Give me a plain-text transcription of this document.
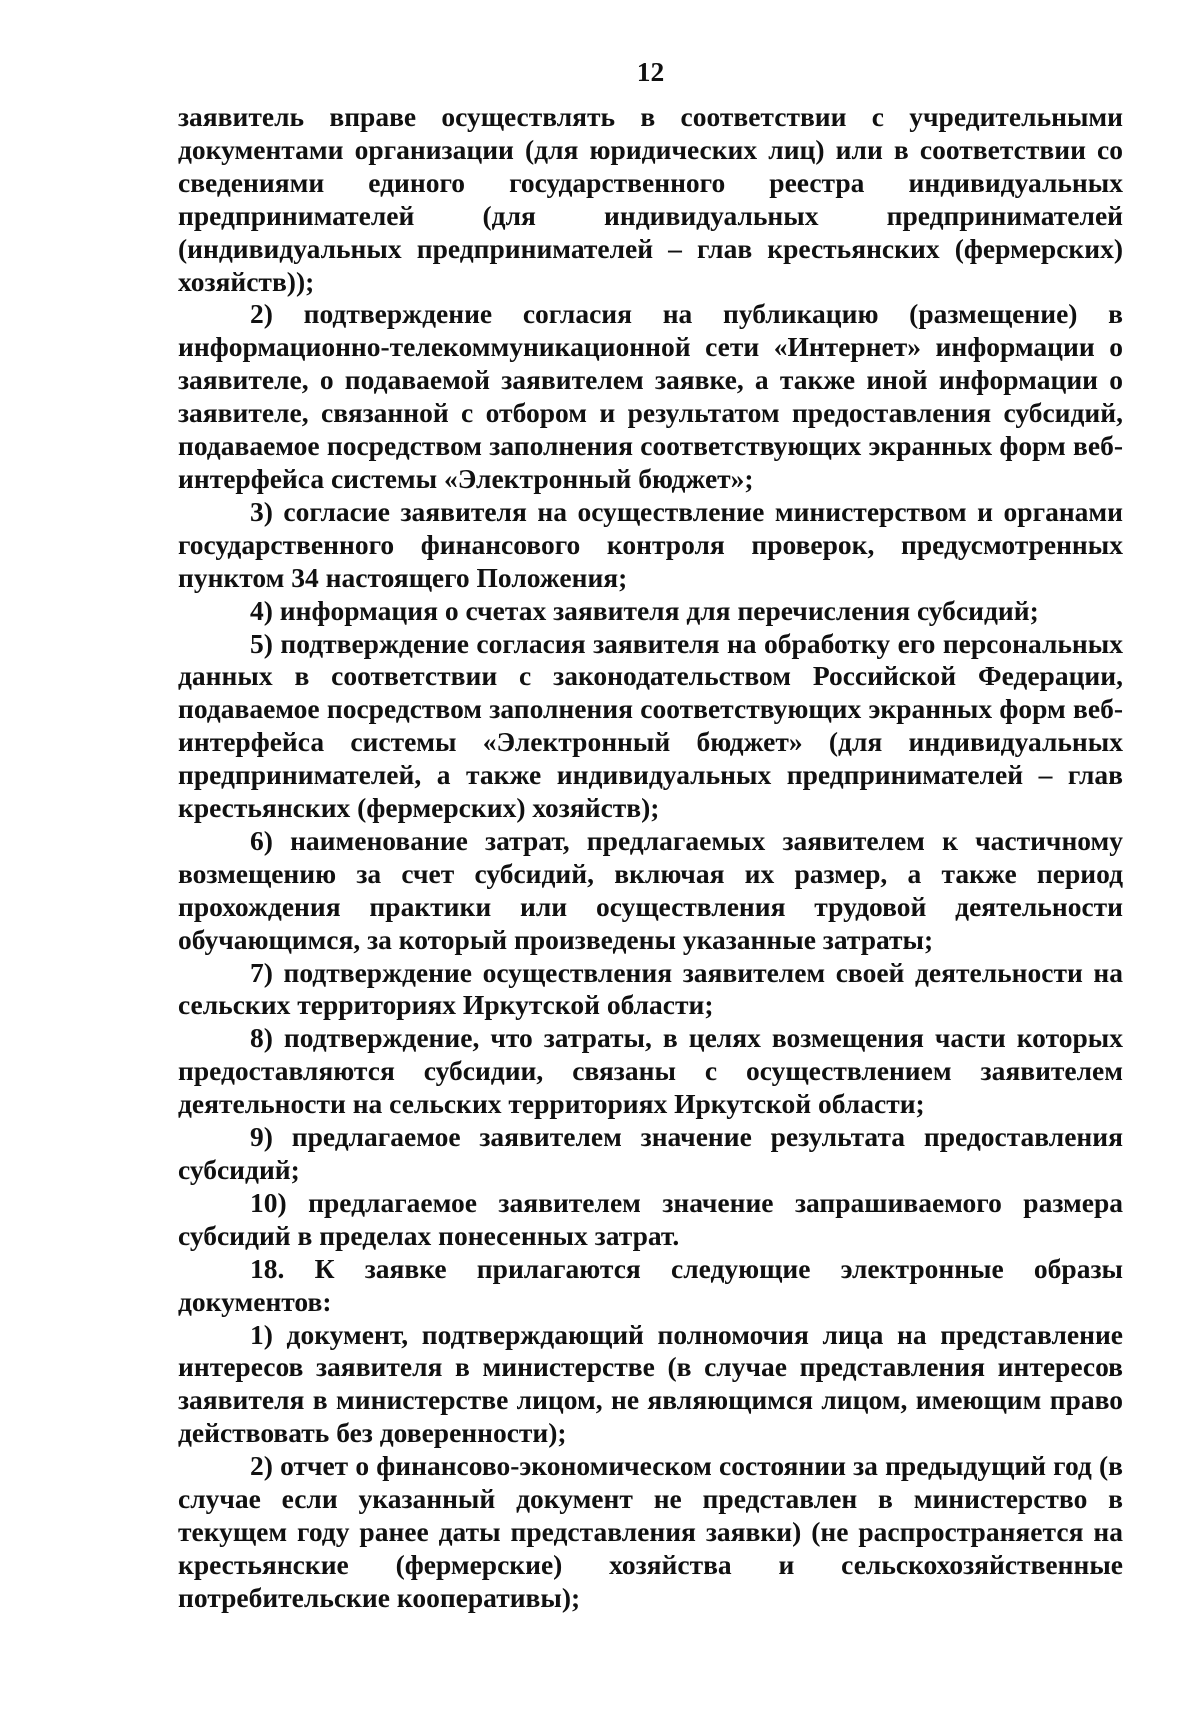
12

заявитель вправе осуществлять в соответствии с учредительными документами организации (для юридических лиц) или в соответствии со сведениями единого государственного реестра индивидуальных предпринимателей (для индивидуальных предпринимателей (индивидуальных предпринимателей – глав крестьянских (фермерских) хозяйств));

2) подтверждение согласия на публикацию (размещение) в информационно-телекоммуникационной сети «Интернет» информации о заявителе, о подаваемой заявителем заявке, а также иной информации о заявителе, связанной с отбором и результатом предоставления субсидий, подаваемое посредством заполнения соответствующих экранных форм веб-интерфейса системы «Электронный бюджет»;

3) согласие заявителя на осуществление министерством и органами государственного финансового контроля проверок, предусмотренных пунктом 34 настоящего Положения;

4) информация о счетах заявителя для перечисления субсидий;

5) подтверждение согласия заявителя на обработку его персональных данных в соответствии с законодательством Российской Федерации, подаваемое посредством заполнения соответствующих экранных форм веб-интерфейса системы «Электронный бюджет» (для индивидуальных предпринимателей, а также индивидуальных предпринимателей – глав крестьянских (фермерских) хозяйств);

6) наименование затрат, предлагаемых заявителем к частичному возмещению за счет субсидий, включая их размер, а также период прохождения практики или осуществления трудовой деятельности обучающимся, за который произведены указанные затраты;

7) подтверждение осуществления заявителем своей деятельности на сельских территориях Иркутской области;

8) подтверждение, что затраты, в целях возмещения части которых предоставляются субсидии, связаны с осуществлением заявителем деятельности на сельских территориях Иркутской области;

9) предлагаемое заявителем значение результата предоставления субсидий;

10) предлагаемое заявителем значение запрашиваемого размера субсидий в пределах понесенных затрат.

18. К заявке прилагаются следующие электронные образы документов:

1) документ, подтверждающий полномочия лица на представление интересов заявителя в министерстве (в случае представления интересов заявителя в министерстве лицом, не являющимся лицом, имеющим право действовать без доверенности);

2) отчет о финансово-экономическом состоянии за предыдущий год (в случае если указанный документ не представлен в министерство в текущем году ранее даты представления заявки) (не распространяется на крестьянские (фермерские) хозяйства и сельскохозяйственные потребительские кооперативы);
